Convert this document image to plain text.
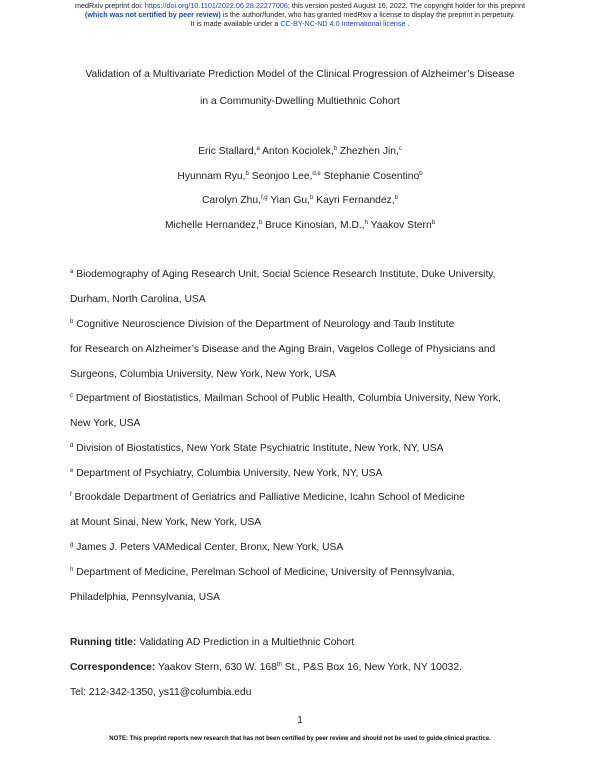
medRxiv preprint doi: https://doi.org/10.1101/2022.06.28.22277006; this version posted August 16, 2022. The copyright holder for this preprint
(which was not certified by peer review) is the author/funder, who has granted medRxiv a license to display the preprint in perpetuity.
It is made available under a CC-BY-NC-ND 4.0 International license .
Validation of a Multivariate Prediction Model of the Clinical Progression of Alzheimer’s Disease
in a Community-Dwelling Multiethnic Cohort
Eric Stallard,$^a$ Anton Kociolek,$^b$ Zhezhen Jin,$^c$
Hyunnam Ryu,$^b$ Seonjoo Lee,$^{d,e}$ Stephanie Cosentino$^b$
Carolyn Zhu,$^{f,g}$ Yian Gu,$^b$ Kayri Fernandez,$^b$
Michelle Hernandez,$^b$ Bruce Kinosian, M.D.,$^h$ Yaakov Stern$^b$
$^a$ Biodemography of Aging Research Unit, Social Science Research Institute, Duke University,
Durham, North Carolina, USA
$^b$ Cognitive Neuroscience Division of the Department of Neurology and Taub Institute
for Research on Alzheimer’s Disease and the Aging Brain, Vagelos College of Physicians and
Surgeons, Columbia University, New York, New York, USA
$^c$ Department of Biostatistics, Mailman School of Public Health, Columbia University, New York,
New York, USA
$^d$ Division of Biostatistics, New York State Psychiatric Institute, New York, NY, USA
$^e$ Department of Psychiatry, Columbia University, New York, NY, USA
$^f$ Brookdale Department of Geriatrics and Palliative Medicine, Icahn School of Medicine
at Mount Sinai, New York, New York, USA
$^g$ James J. Peters VAMedical Center, Bronx, New York, USA
$^h$ Department of Medicine, Perelman School of Medicine, University of Pennsylvania,
Philadelphia, Pennsylvania, USA
Running title: Validating AD Prediction in a Multiethnic Cohort
Correspondence: Yaakov Stern, 630 W. 168th St., P&S Box 16, New York, NY 10032.
Tel: 212-342-1350, ys11@columbia.edu
1
NOTE: This preprint reports new research that has not been certified by peer review and should not be used to guide clinical practice.
